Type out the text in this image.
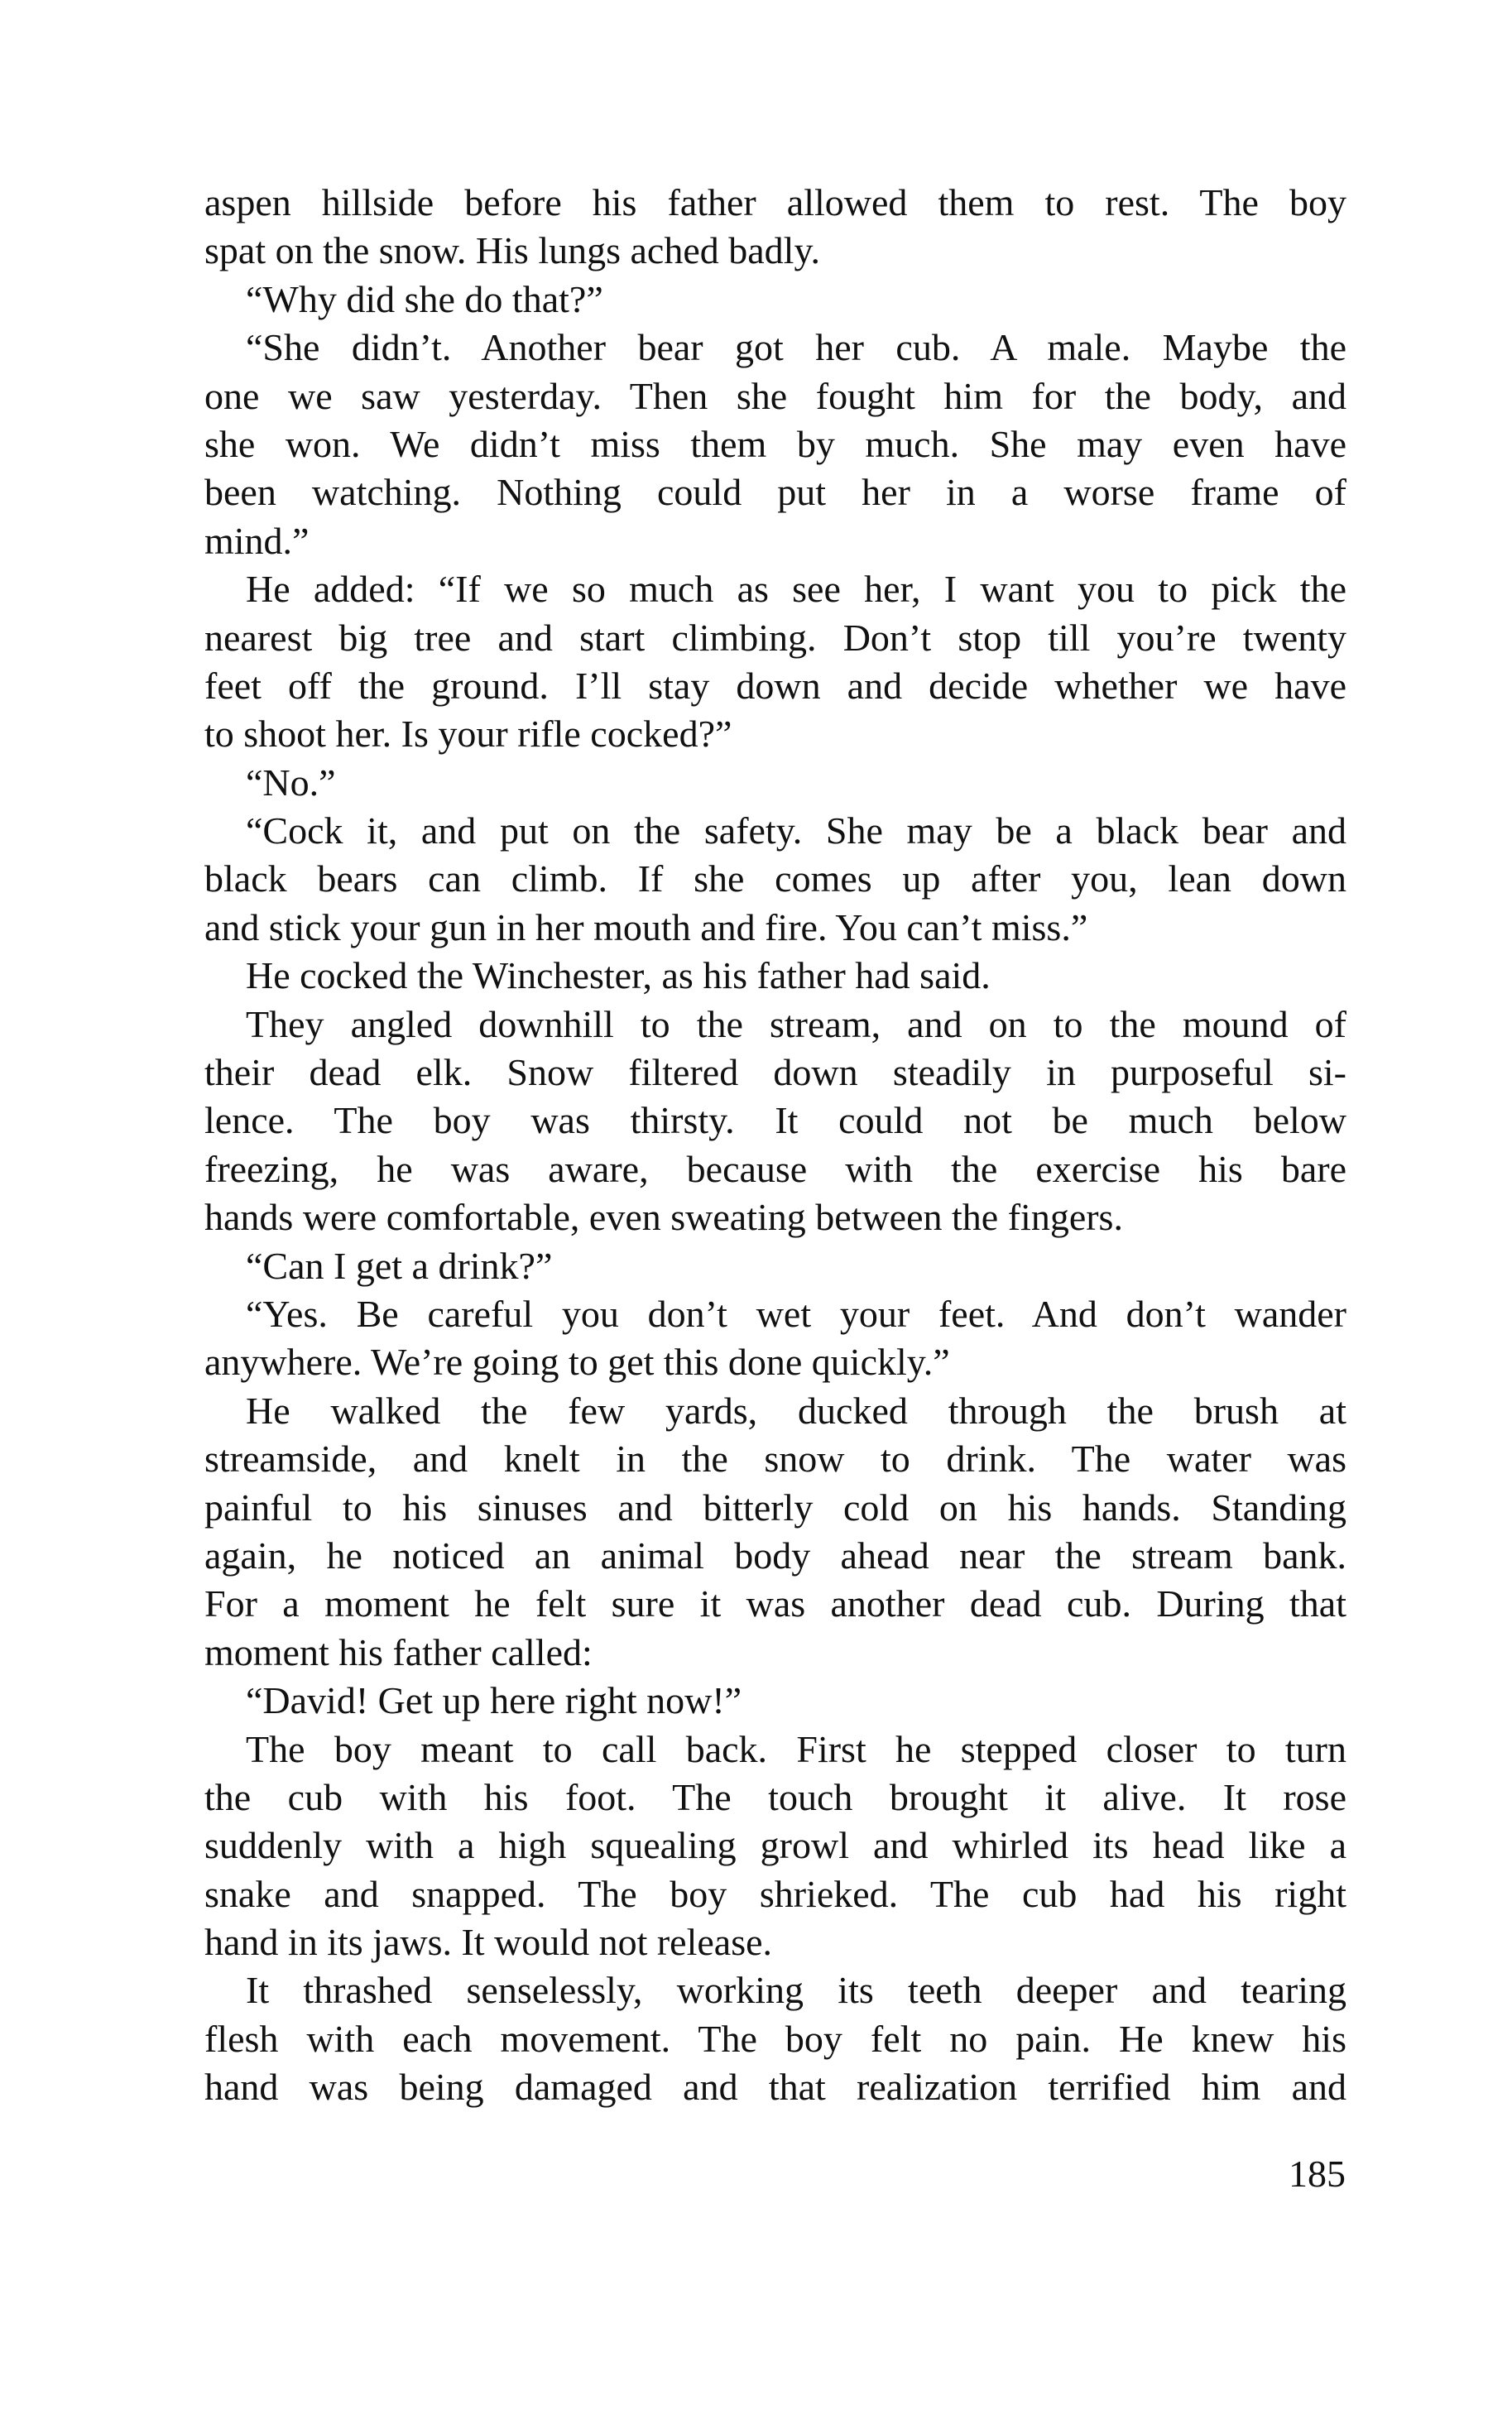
aspen hillside before his father allowed them to rest. The boy
spat on the snow. His lungs ached badly.
“Why did she do that?”
“She didn’t. Another bear got her cub. A male. Maybe the
one we saw yesterday. Then she fought him for the body, and
she won. We didn’t miss them by much. She may even have
been watching. Nothing could put her in a worse frame of
mind.”
He added: “If we so much as see her, I want you to pick the
nearest big tree and start climbing. Don’t stop till you’re twenty
feet off the ground. I’ll stay down and decide whether we have
to shoot her. Is your rifle cocked?”
“No.”
“Cock it, and put on the safety. She may be a black bear and
black bears can climb. If she comes up after you, lean down
and stick your gun in her mouth and fire. You can’t miss.”
He cocked the Winchester, as his father had said.
They angled downhill to the stream, and on to the mound of
their dead elk. Snow filtered down steadily in purposeful si-
lence. The boy was thirsty. It could not be much below
freezing, he was aware, because with the exercise his bare
hands were comfortable, even sweating between the fingers.
“Can I get a drink?”
“Yes. Be careful you don’t wet your feet. And don’t wander
anywhere. We’re going to get this done quickly.”
He walked the few yards, ducked through the brush at
streamside, and knelt in the snow to drink. The water was
painful to his sinuses and bitterly cold on his hands. Standing
again, he noticed an animal body ahead near the stream bank.
For a moment he felt sure it was another dead cub. During that
moment his father called:
“David! Get up here right now!”
The boy meant to call back. First he stepped closer to turn
the cub with his foot. The touch brought it alive. It rose
suddenly with a high squealing growl and whirled its head like a
snake and snapped. The boy shrieked. The cub had his right
hand in its jaws. It would not release.
It thrashed senselessly, working its teeth deeper and tearing
flesh with each movement. The boy felt no pain. He knew his
hand was being damaged and that realization terrified him and
185
